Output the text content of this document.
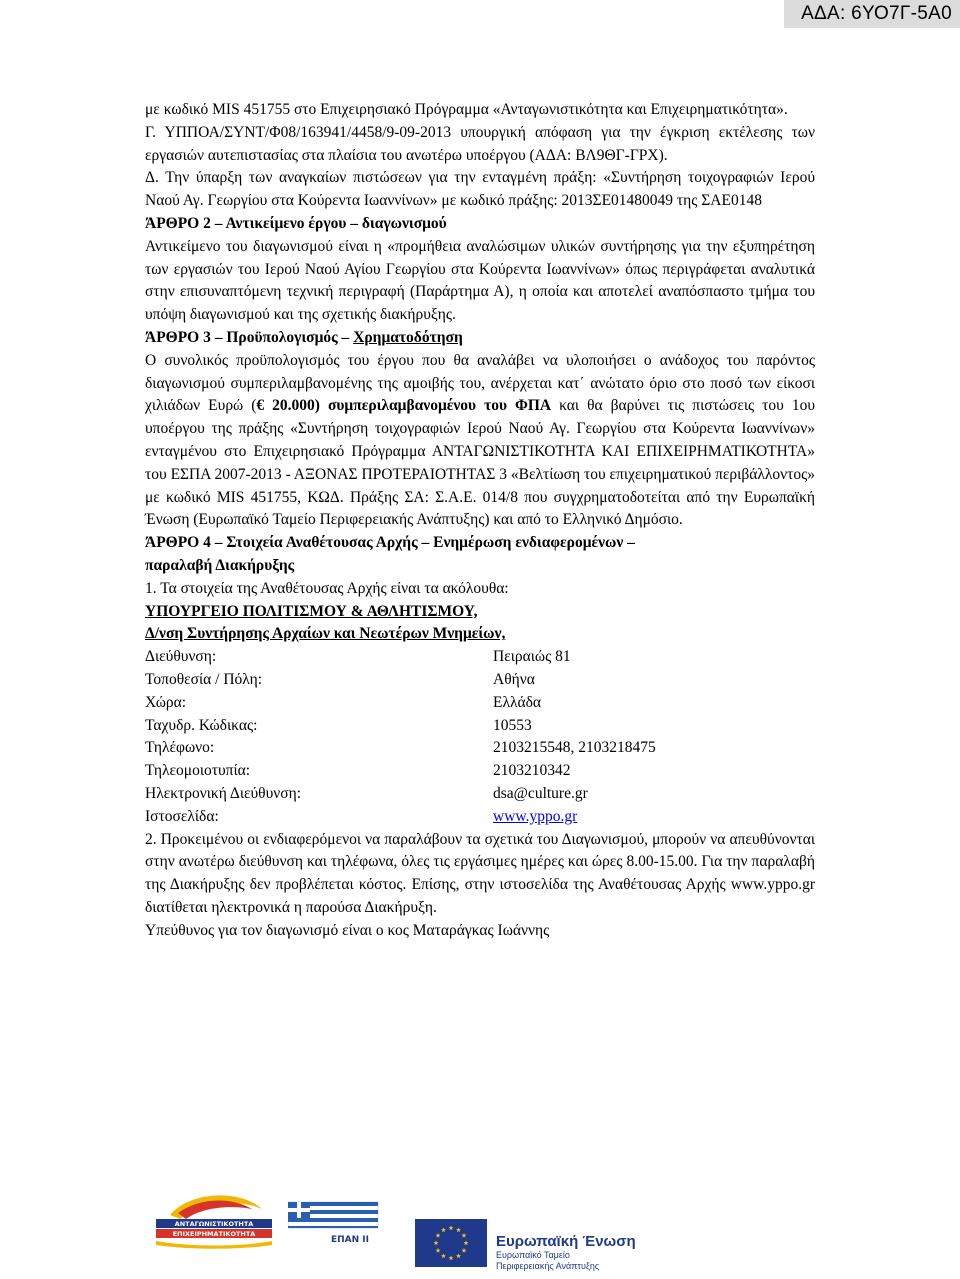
ΑΔΑ: 6ΥΟ7Γ-5Α0

με κωδικό MIS 451755 στο Επιχειρησιακό Πρόγραμμα «Ανταγωνιστικότητα και Επιχειρηματικότητα».

Γ. ΥΠΠΟΑ/ΣΥΝΤ/Φ08/163941/4458/9-09-2013 υπουργική απόφαση για την έγκριση εκτέλεσης των εργασιών αυτεπιστασίας στα πλαίσια του ανωτέρω υποέργου (ΑΔΑ: ΒΛ9ΘΓ-ΓΡΧ).

Δ. Την ύπαρξη των αναγκαίων πιστώσεων για την ενταγμένη πράξη: «Συντήρηση τοιχογραφιών Ιερού Ναού Αγ. Γεωργίου στα Κούρεντα Ιωαννίνων» με κωδικό πράξης: 2013ΣΕ01480049 της ΣΑΕ0148

ΆΡΘΡΟ 2 – Αντικείμενο έργου – διαγωνισμού

Αντικείμενο του διαγωνισμού είναι η «προμήθεια αναλώσιμων υλικών συντήρησης για την εξυπηρέτηση των εργασιών του Ιερού Ναού Αγίου Γεωργίου στα Κούρεντα Ιωαννίνων» όπως περιγράφεται αναλυτικά στην επισυναπτόμενη τεχνική περιγραφή (Παράρτημα Α), η οποία και αποτελεί αναπόσπαστο τμήμα του υπόψη διαγωνισμού και της σχετικής διακήρυξης.

ΆΡΘΡΟ 3 – Προϋπολογισμός – Χρηματοδότηση

Ο συνολικός προϋπολογισμός του έργου που θα αναλάβει να υλοποιήσει ο ανάδοχος του παρόντος διαγωνισμού συμπεριλαμβανομένης της αμοιβής του, ανέρχεται κατ΄ ανώτατο όριο στο ποσό των είκοσι χιλιάδων Ευρώ (€ 20.000) συμπεριλαμβανομένου του ΦΠΑ και θα βαρύνει τις πιστώσεις του 1ου υποέργου της πράξης «Συντήρηση τοιχογραφιών Ιερού Ναού Αγ. Γεωργίου στα Κούρεντα Ιωαννίνων» ενταγμένου στο Επιχειρησιακό Πρόγραμμα ΑΝΤΑΓΩΝΙΣΤΙΚΟΤΗΤΑ ΚΑΙ ΕΠΙΧΕΙΡΗΜΑΤΙΚΟΤΗΤΑ» του ΕΣΠΑ 2007-2013 - ΑΞΟΝΑΣ ΠΡΟΤΕΡΑΙΟΤΗΤΑΣ 3 «Βελτίωση του επιχειρηματικού περιβάλλοντος» με κωδικό MIS 451755, ΚΩΔ. Πράξης ΣΑ: Σ.Α.Ε. 014/8 που συγχρηματοδοτείται από την Ευρωπαϊκή Ένωση (Ευρωπαϊκό Ταμείο Περιφερειακής Ανάπτυξης) και από το Ελληνικό Δημόσιο.

ΆΡΘΡΟ 4 – Στοιχεία Αναθέτουσας Αρχής – Ενημέρωση ενδιαφερομένων –

παραλαβή Διακήρυξης

1. Τα στοιχεία της Αναθέτουσας Αρχής είναι τα ακόλουθα:

ΥΠΟΥΡΓΕΙΟ ΠΟΛΙΤΙΣΜΟΥ & ΑΘΛΗΤΙΣΜΟΥ,

Δ/νση Συντήρησης Αρχαίων και Νεωτέρων Μνημείων,

Διεύθυνση:	Πειραιώς 81
Τοποθεσία / Πόλη:	Αθήνα
Χώρα:	Ελλάδα
Ταχυδρ. Κώδικας:	10553
Τηλέφωνο:	2103215548, 2103218475
Τηλεομοιοτυπία:	2103210342
Ηλεκτρονική Διεύθυνση:	dsa@culture.gr
Ιστοσελίδα:	www.yppo.gr

2. Προκειμένου οι ενδιαφερόμενοι να παραλάβουν τα σχετικά του Διαγωνισμού, μπορούν να απευθύνονται στην ανωτέρω διεύθυνση και τηλέφωνα, όλες τις εργάσιμες ημέρες και ώρες 8.00-15.00. Για την παραλαβή της Διακήρυξης δεν προβλέπεται κόστος. Επίσης, στην ιστοσελίδα της Αναθέτουσας Αρχής www.yppo.gr διατίθεται ηλεκτρονικά η παρούσα Διακήρυξη.

Υπεύθυνος για τον διαγωνισμό είναι ο κος Mαταράγκας Ιωάννης

ΑΝΤΑΓΩΝΙΣΤΙΚΟΤΗΤΑ
ΕΠΙΧΕΙΡΗΜΑΤΙΚΟΤΗΤΑ
ΕΠΑΝ II	Ευρωπαϊκή Ένωση
Ευρωπαϊκό Ταμείο
Περιφερειακής Ανάπτυξης
